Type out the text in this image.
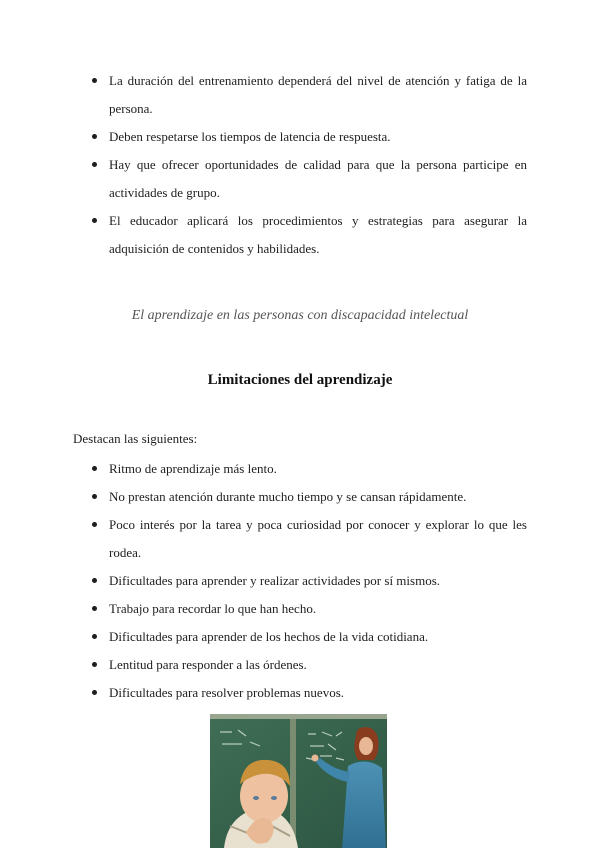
La duración del entrenamiento dependerá del nivel de atención y fatiga de la persona.
Deben respetarse los tiempos de latencia de respuesta.
Hay que ofrecer oportunidades de calidad para que la persona participe en actividades de grupo.
El educador aplicará los procedimientos y estrategias para asegurar la adquisición de contenidos y habilidades.
El aprendizaje en las personas con discapacidad intelectual
Limitaciones del aprendizaje
Destacan las siguientes:
Ritmo de aprendizaje más lento.
No prestan atención durante mucho tiempo y se cansan rápidamente.
Poco interés por la tarea y poca curiosidad por conocer y explorar lo que les rodea.
Dificultades para aprender y realizar actividades por sí mismos.
Trabajo para recordar lo que han hecho.
Dificultades para aprender de los hechos de la vida cotidiana.
Lentitud para responder a las órdenes.
Dificultades para resolver problemas nuevos.
